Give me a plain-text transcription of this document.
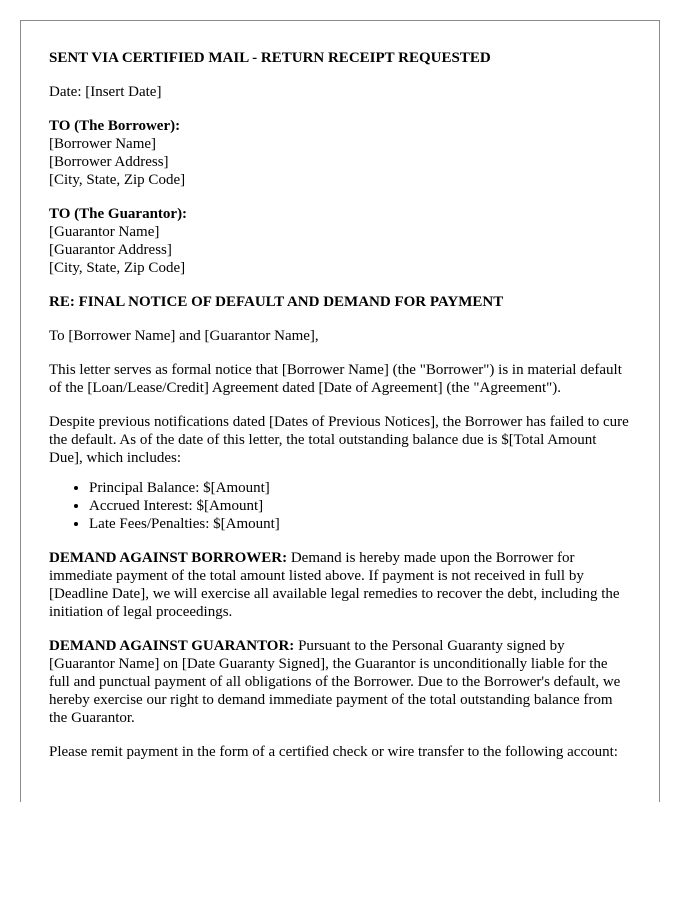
SENT VIA CERTIFIED MAIL - RETURN RECEIPT REQUESTED
Date: [Insert Date]
TO (The Borrower):
[Borrower Name]
[Borrower Address]
[City, State, Zip Code]
TO (The Guarantor):
[Guarantor Name]
[Guarantor Address]
[City, State, Zip Code]
RE: FINAL NOTICE OF DEFAULT AND DEMAND FOR PAYMENT
To [Borrower Name] and [Guarantor Name],
This letter serves as formal notice that [Borrower Name] (the "Borrower") is in material default of the [Loan/Lease/Credit] Agreement dated [Date of Agreement] (the "Agreement").
Despite previous notifications dated [Dates of Previous Notices], the Borrower has failed to cure the default. As of the date of this letter, the total outstanding balance due is $[Total Amount Due], which includes:
• Principal Balance: $[Amount]
• Accrued Interest: $[Amount]
• Late Fees/Penalties: $[Amount]
DEMAND AGAINST BORROWER: Demand is hereby made upon the Borrower for immediate payment of the total amount listed above. If payment is not received in full by [Deadline Date], we will exercise all available legal remedies to recover the debt, including the initiation of legal proceedings.
DEMAND AGAINST GUARANTOR: Pursuant to the Personal Guaranty signed by [Guarantor Name] on [Date Guaranty Signed], the Guarantor is unconditionally liable for the full and punctual payment of all obligations of the Borrower. Due to the Borrower's default, we hereby exercise our right to demand immediate payment of the total outstanding balance from the Guarantor.
Please remit payment in the form of a certified check or wire transfer to the following account:
